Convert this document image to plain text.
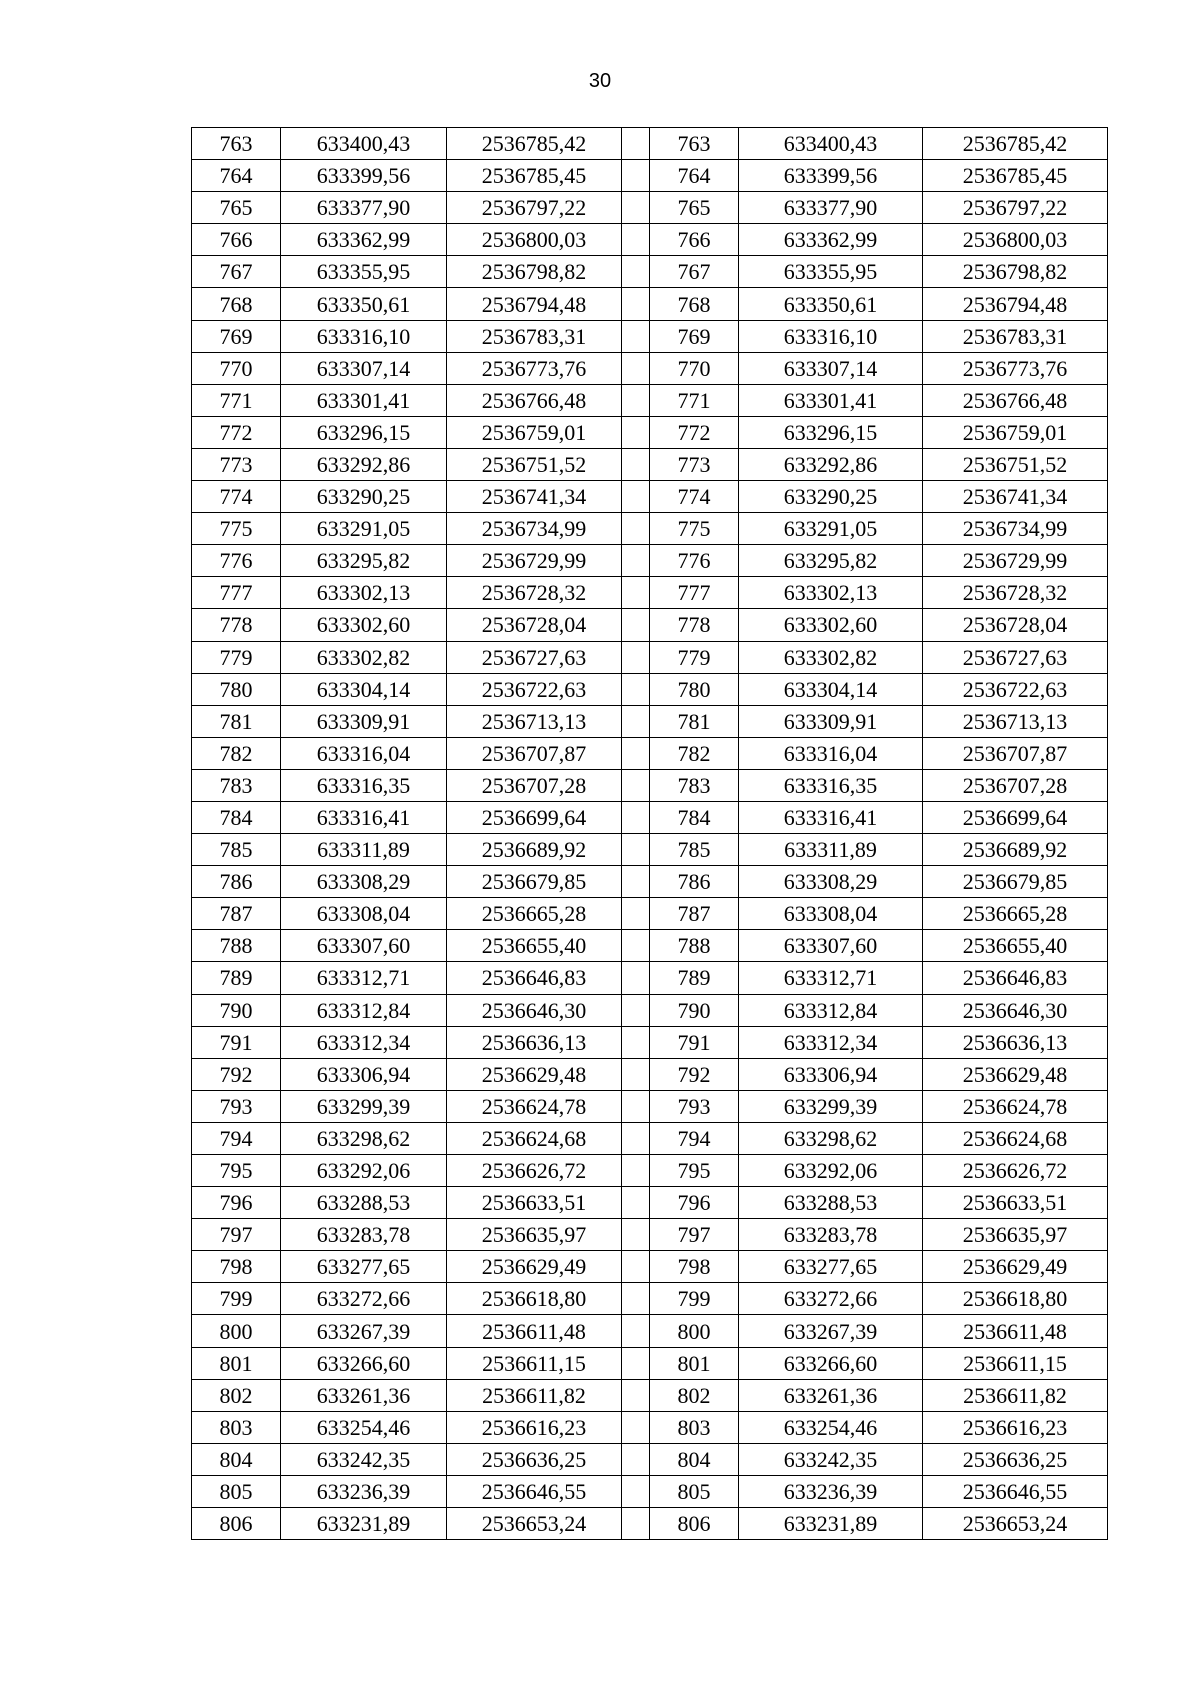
30
763	633400,43	2536785,42		763	633400,43	2536785,42
764	633399,56	2536785,45		764	633399,56	2536785,45
765	633377,90	2536797,22		765	633377,90	2536797,22
766	633362,99	2536800,03		766	633362,99	2536800,03
767	633355,95	2536798,82		767	633355,95	2536798,82
768	633350,61	2536794,48		768	633350,61	2536794,48
769	633316,10	2536783,31		769	633316,10	2536783,31
770	633307,14	2536773,76		770	633307,14	2536773,76
771	633301,41	2536766,48		771	633301,41	2536766,48
772	633296,15	2536759,01		772	633296,15	2536759,01
773	633292,86	2536751,52		773	633292,86	2536751,52
774	633290,25	2536741,34		774	633290,25	2536741,34
775	633291,05	2536734,99		775	633291,05	2536734,99
776	633295,82	2536729,99		776	633295,82	2536729,99
777	633302,13	2536728,32		777	633302,13	2536728,32
778	633302,60	2536728,04		778	633302,60	2536728,04
779	633302,82	2536727,63		779	633302,82	2536727,63
780	633304,14	2536722,63		780	633304,14	2536722,63
781	633309,91	2536713,13		781	633309,91	2536713,13
782	633316,04	2536707,87		782	633316,04	2536707,87
783	633316,35	2536707,28		783	633316,35	2536707,28
784	633316,41	2536699,64		784	633316,41	2536699,64
785	633311,89	2536689,92		785	633311,89	2536689,92
786	633308,29	2536679,85		786	633308,29	2536679,85
787	633308,04	2536665,28		787	633308,04	2536665,28
788	633307,60	2536655,40		788	633307,60	2536655,40
789	633312,71	2536646,83		789	633312,71	2536646,83
790	633312,84	2536646,30		790	633312,84	2536646,30
791	633312,34	2536636,13		791	633312,34	2536636,13
792	633306,94	2536629,48		792	633306,94	2536629,48
793	633299,39	2536624,78		793	633299,39	2536624,78
794	633298,62	2536624,68		794	633298,62	2536624,68
795	633292,06	2536626,72		795	633292,06	2536626,72
796	633288,53	2536633,51		796	633288,53	2536633,51
797	633283,78	2536635,97		797	633283,78	2536635,97
798	633277,65	2536629,49		798	633277,65	2536629,49
799	633272,66	2536618,80		799	633272,66	2536618,80
800	633267,39	2536611,48		800	633267,39	2536611,48
801	633266,60	2536611,15		801	633266,60	2536611,15
802	633261,36	2536611,82		802	633261,36	2536611,82
803	633254,46	2536616,23		803	633254,46	2536616,23
804	633242,35	2536636,25		804	633242,35	2536636,25
805	633236,39	2536646,55		805	633236,39	2536646,55
806	633231,89	2536653,24		806	633231,89	2536653,24
